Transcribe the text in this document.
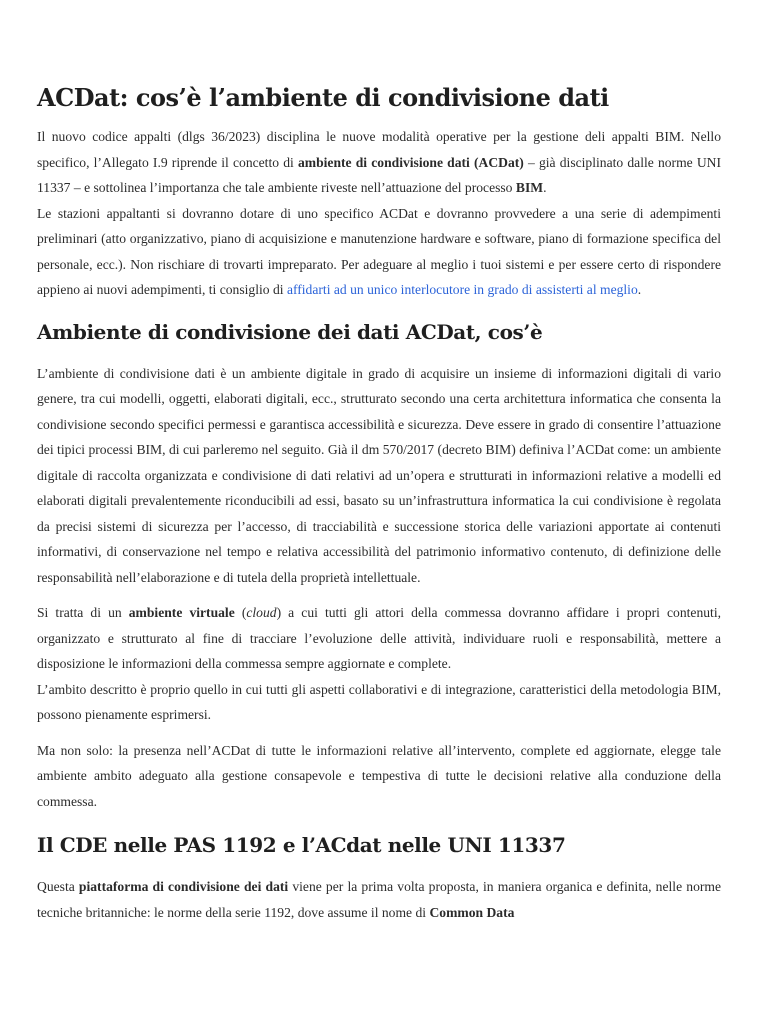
ACDat: cos’è l’ambiente di condivisione dati

Il nuovo codice appalti (dlgs 36/2023) disciplina le nuove modalità operative per la gestione deli appalti BIM. Nello specifico, l’Allegato I.9 riprende il concetto di ambiente di condivisione dati (ACDat) – già disciplinato dalle norme UNI 11337 – e sottolinea l’importanza che tale ambiente riveste nell’attuazione del processo BIM.

Le stazioni appaltanti si dovranno dotare di uno specifico ACDat e dovranno provvedere a una serie di adempimenti preliminari (atto organizzativo, piano di acquisizione e manutenzione hardware e software, piano di formazione specifica del personale, ecc.). Non rischiare di trovarti impreparato. Per adeguare al meglio i tuoi sistemi e per essere certo di rispondere appieno ai nuovi adempimenti, ti consiglio di affidarti ad un unico interlocutore in grado di assisterti al meglio.

Ambiente di condivisione dei dati ACDat, cos’è

L’ambiente di condivisione dati è un ambiente digitale in grado di acquisire un insieme di informazioni digitali di vario genere, tra cui modelli, oggetti, elaborati digitali, ecc., strutturato secondo una certa architettura informatica che consenta la condivisione secondo specifici permessi e garantisca accessibilità e sicurezza. Deve essere in grado di consentire l’attuazione dei tipici processi BIM, di cui parleremo nel seguito. Già il dm 570/2017 (decreto BIM) definiva l’ACDat come: un ambiente digitale di raccolta organizzata e condivisione di dati relativi ad un’opera e strutturati in informazioni relative a modelli ed elaborati digitali prevalentemente riconducibili ad essi, basato su un’infrastruttura informatica la cui condivisione è regolata da precisi sistemi di sicurezza per l’accesso, di tracciabilità e successione storica delle variazioni apportate ai contenuti informativi, di conservazione nel tempo e relativa accessibilità del patrimonio informativo contenuto, di definizione delle responsabilità nell’elaborazione e di tutela della proprietà intellettuale.

Si tratta di un ambiente virtuale (cloud) a cui tutti gli attori della commessa dovranno affidare i propri contenuti, organizzato e strutturato al fine di tracciare l’evoluzione delle attività, individuare ruoli e responsabilità, mettere a disposizione le informazioni della commessa sempre aggiornate e complete.

L’ambito descritto è proprio quello in cui tutti gli aspetti collaborativi e di integrazione, caratteristici della metodologia BIM, possono pienamente esprimersi.

Ma non solo: la presenza nell’ACDat di tutte le informazioni relative all’intervento, complete ed aggiornate, elegge tale ambiente ambito adeguato alla gestione consapevole e tempestiva di tutte le decisioni relative alla conduzione della commessa.

Il CDE nelle PAS 1192 e l’ACdat nelle UNI 11337

Questa piattaforma di condivisione dei dati viene per la prima volta proposta, in maniera organica e definita, nelle norme tecniche britanniche: le norme della serie 1192, dove assume il nome di Common Data
